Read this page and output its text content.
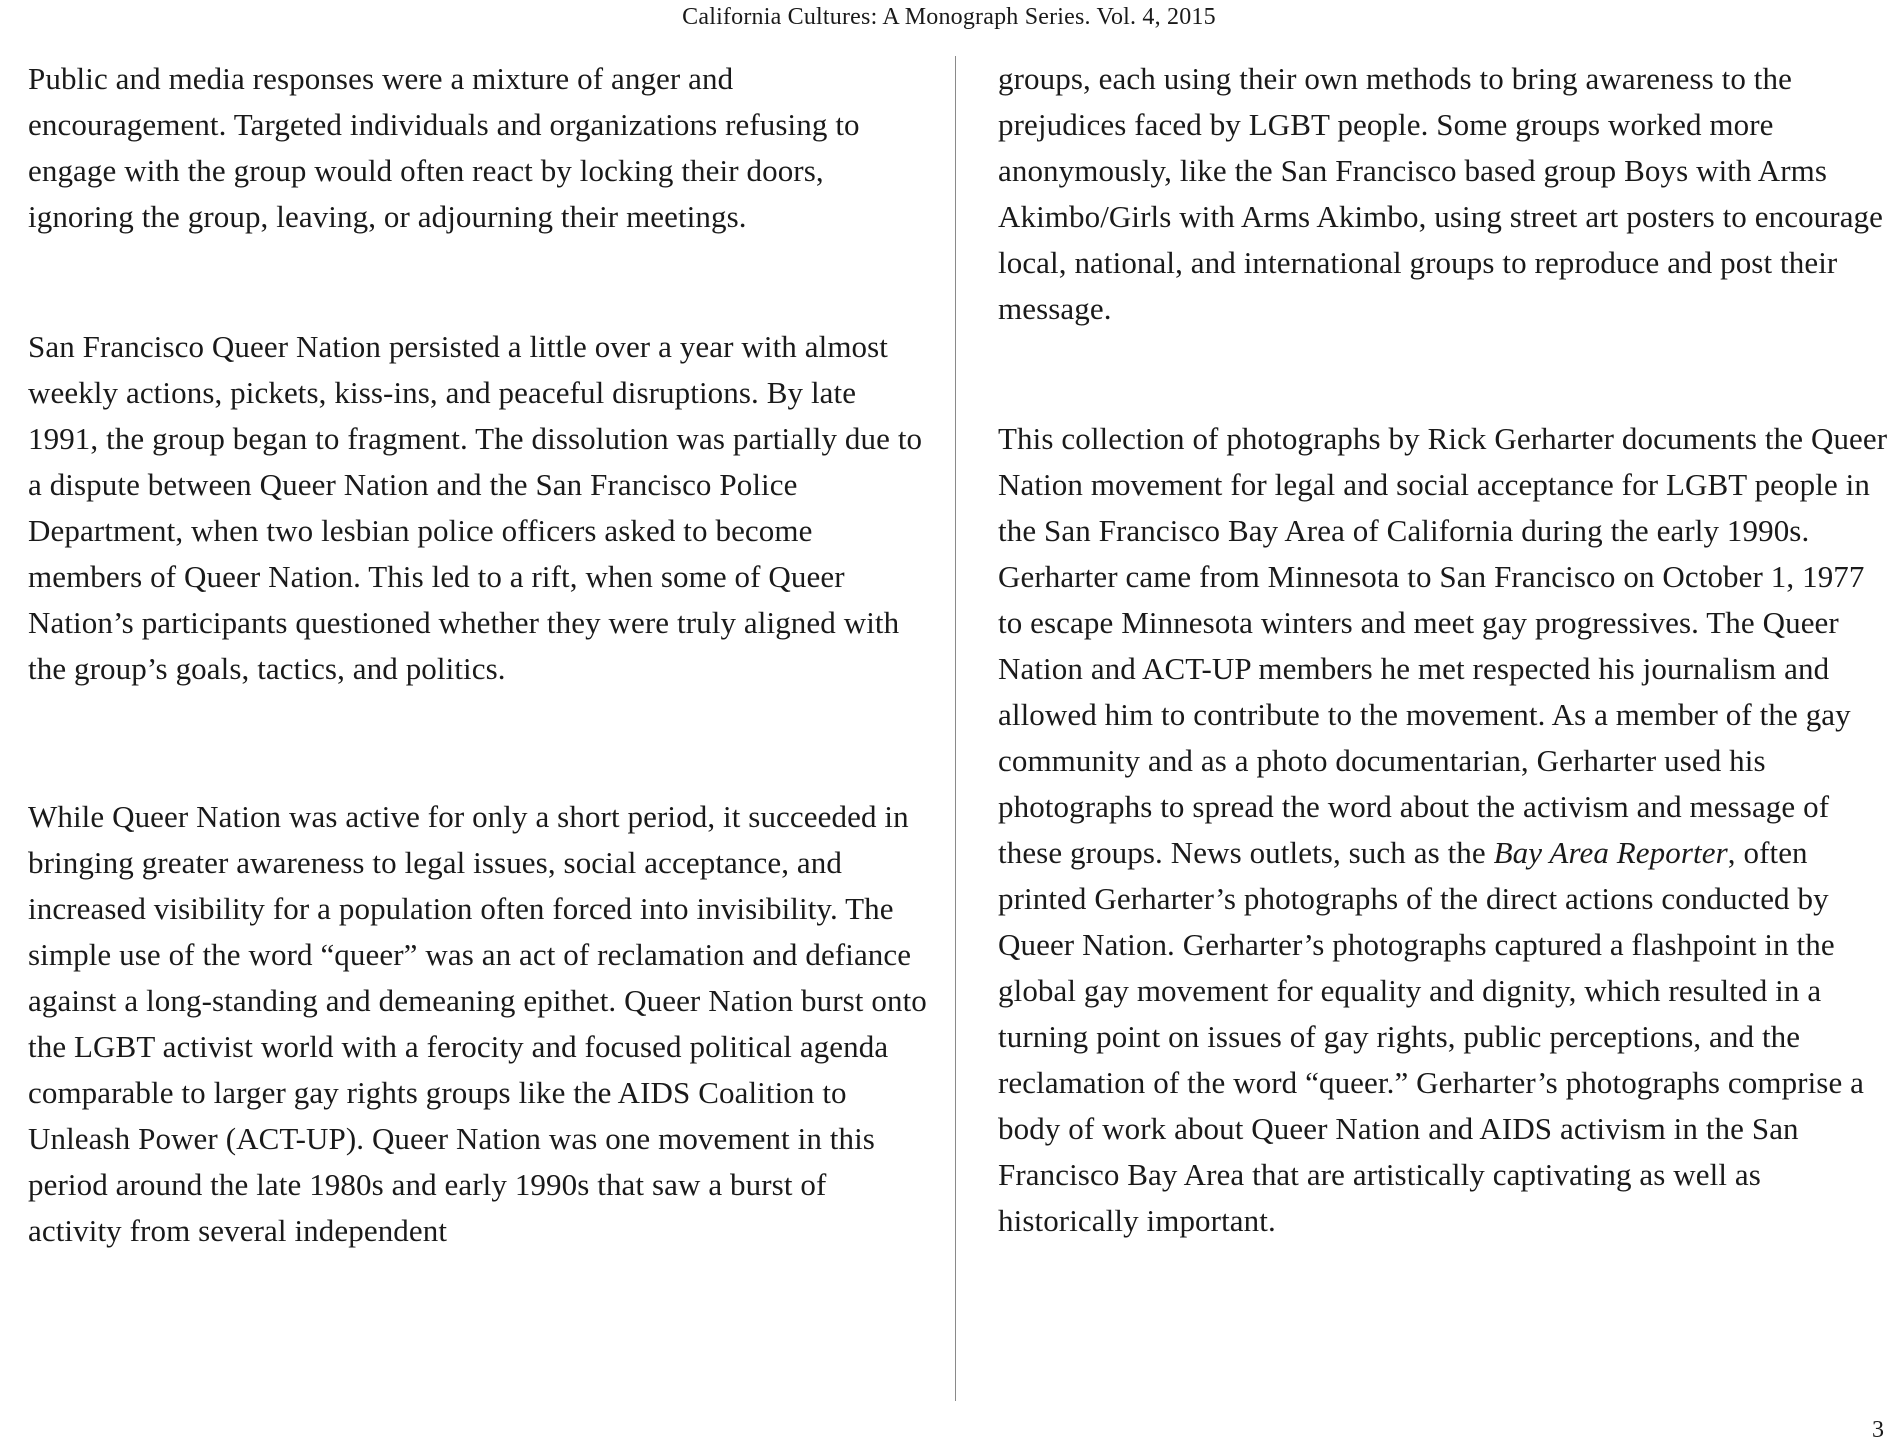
California Cultures: A Monograph Series. Vol. 4, 2015

Public and media responses were a mixture of anger and encouragement. Targeted individuals and organizations refusing to engage with the group would often react by locking their doors, ignoring the group, leaving, or adjourning their meetings.

San Francisco Queer Nation persisted a little over a year with almost weekly actions, pickets, kiss-ins, and peaceful disruptions. By late 1991, the group began to fragment. The dissolution was partially due to a dispute between Queer Nation and the San Francisco Police Department, when two lesbian police officers asked to become members of Queer Nation. This led to a rift, when some of Queer Nation’s participants questioned whether they were truly aligned with the group’s goals, tactics, and politics.

While Queer Nation was active for only a short period, it succeeded in bringing greater awareness to legal issues, social acceptance, and increased visibility for a population often forced into invisibility. The simple use of the word “queer” was an act of reclamation and defiance against a long-standing and demeaning epithet. Queer Nation burst onto the LGBT activist world with a ferocity and focused political agenda comparable to larger gay rights groups like the AIDS Coalition to Unleash Power (ACT-UP). Queer Nation was one movement in this period around the late 1980s and early 1990s that saw a burst of activity from several independent

groups, each using their own methods to bring awareness to the prejudices faced by LGBT people. Some groups worked more anonymously, like the San Francisco based group Boys with Arms Akimbo/Girls with Arms Akimbo, using street art posters to encourage local, national, and international groups to reproduce and post their message.

This collection of photographs by Rick Gerharter documents the Queer Nation movement for legal and social acceptance for LGBT people in the San Francisco Bay Area of California during the early 1990s. Gerharter came from Minnesota to San Francisco on October 1, 1977 to escape Minnesota winters and meet gay progressives. The Queer Nation and ACT-UP members he met respected his journalism and allowed him to contribute to the movement. As a member of the gay community and as a photo documentarian, Gerharter used his photographs to spread the word about the activism and message of these groups. News outlets, such as the Bay Area Reporter, often printed Gerharter’s photographs of the direct actions conducted by Queer Nation. Gerharter’s photographs captured a flashpoint in the global gay movement for equality and dignity, which resulted in a turning point on issues of gay rights, public perceptions, and the reclamation of the word “queer.” Gerharter’s photographs comprise a body of work about Queer Nation and AIDS activism in the San Francisco Bay Area that are artistically captivating as well as historically important.

3
